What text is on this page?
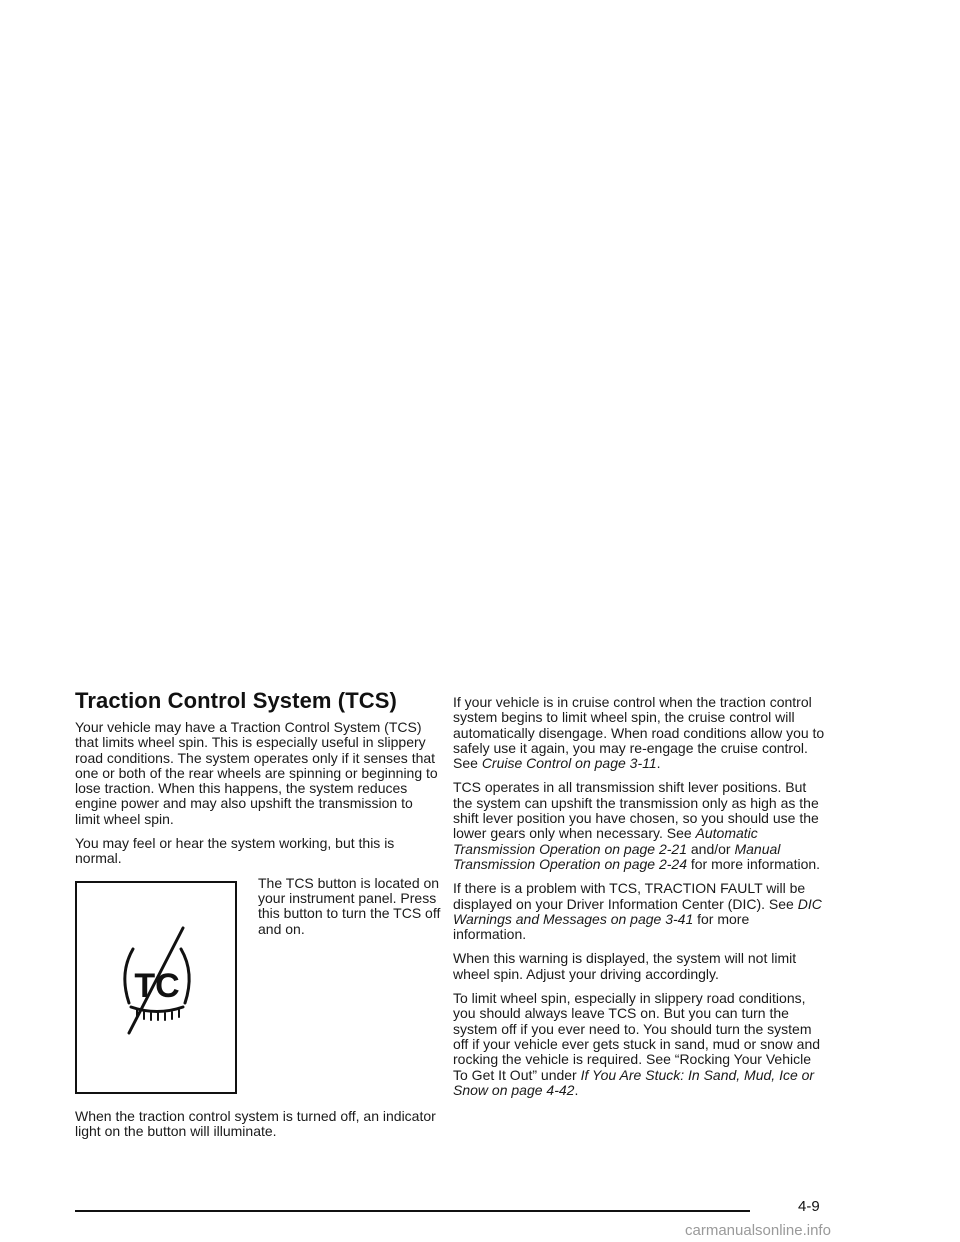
Traction Control System (TCS)

Your vehicle may have a Traction Control System (TCS) that limits wheel spin. This is especially useful in slippery road conditions. The system operates only if it senses that one or both of the rear wheels are spinning or beginning to lose traction. When this happens, the system reduces engine power and may also upshift the transmission to limit wheel spin.

You may feel or hear the system working, but this is normal.

TC

The TCS button is located on your instrument panel. Press this button to turn the TCS off and on.

When the traction control system is turned off, an indicator light on the button will illuminate.

If your vehicle is in cruise control when the traction control system begins to limit wheel spin, the cruise control will automatically disengage. When road conditions allow you to safely use it again, you may re-engage the cruise control. See Cruise Control on page 3-11.

TCS operates in all transmission shift lever positions. But the system can upshift the transmission only as high as the shift lever position you have chosen, so you should use the lower gears only when necessary. See Automatic Transmission Operation on page 2-21 and/or Manual Transmission Operation on page 2-24 for more information.

If there is a problem with TCS, TRACTION FAULT will be displayed on your Driver Information Center (DIC). See DIC Warnings and Messages on page 3-41 for more information.

When this warning is displayed, the system will not limit wheel spin. Adjust your driving accordingly.

To limit wheel spin, especially in slippery road conditions, you should always leave TCS on. But you can turn the system off if you ever need to. You should turn the system off if your vehicle ever gets stuck in sand, mud or snow and rocking the vehicle is required. See “Rocking Your Vehicle To Get It Out” under If You Are Stuck: In Sand, Mud, Ice or Snow on page 4-42.

4-9
carmanualsonline.info
